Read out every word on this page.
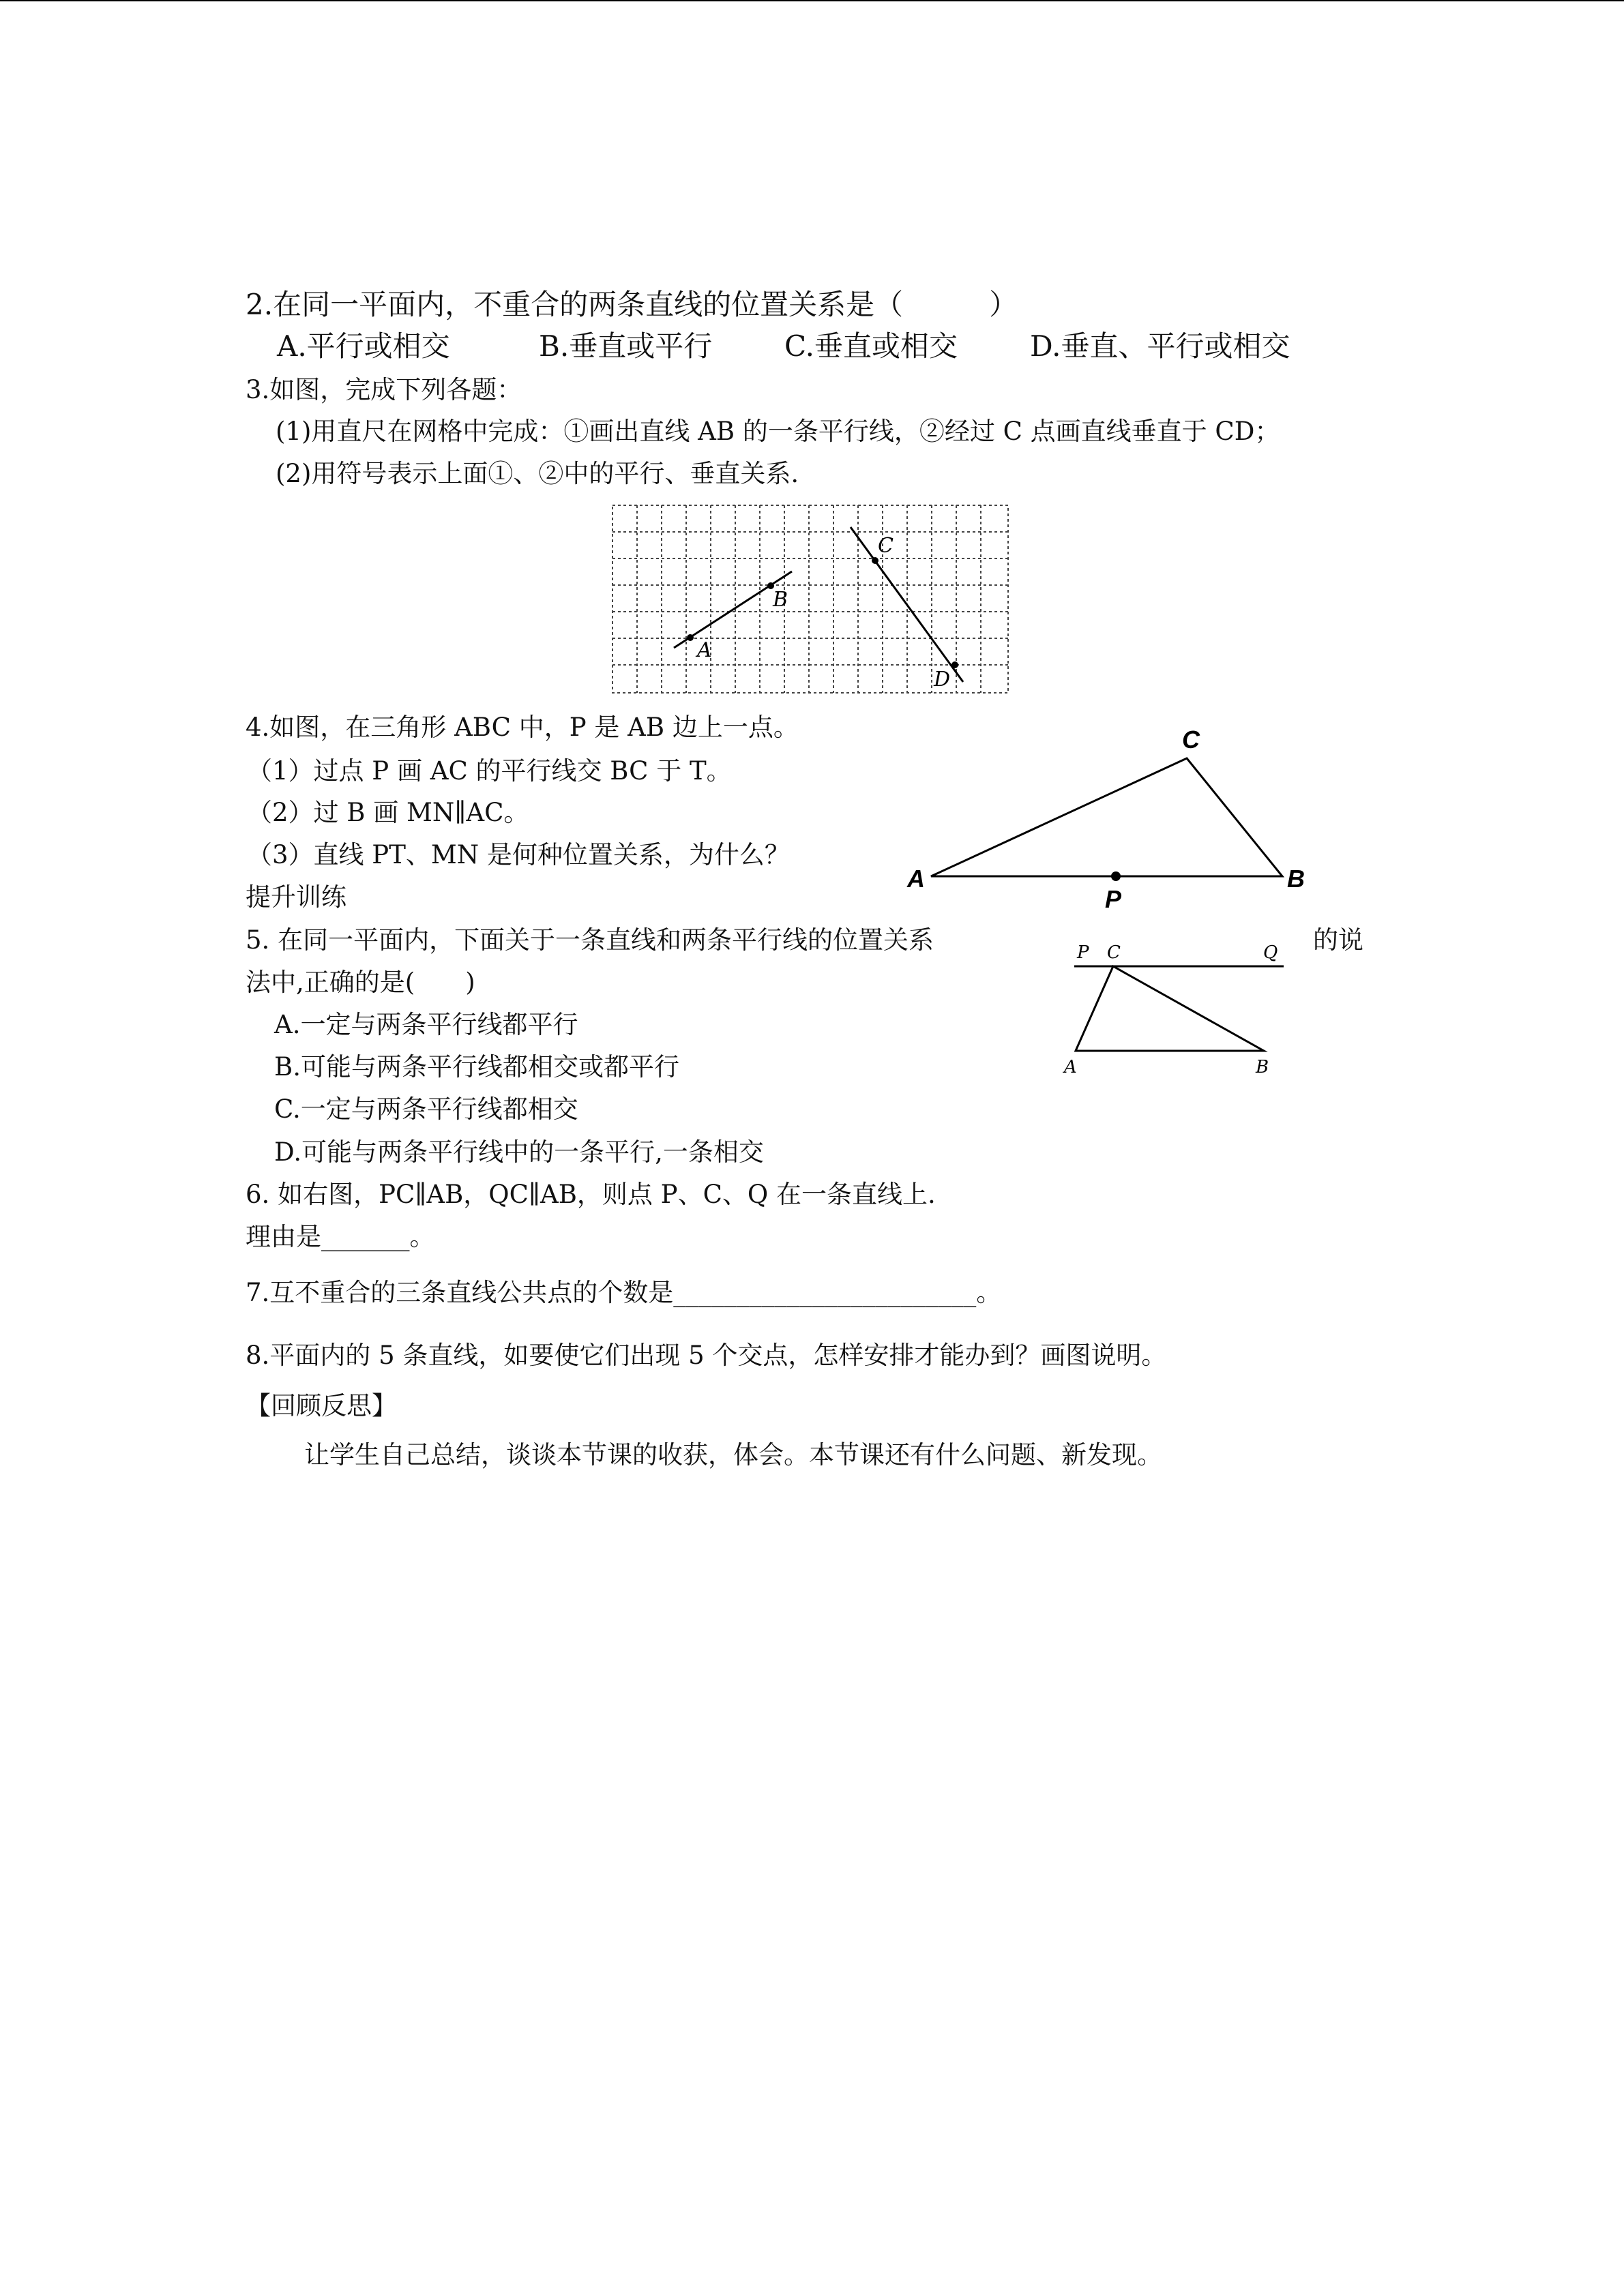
2.在同一平面内，不重合的两条直线的位置关系是（　　　）
A.平行或相交	B.垂直或平行	C.垂直或相交	D.垂直、平行或相交
3.如图，完成下列各题：
(1)用直尺在网格中完成：①画出直线 AB 的一条平行线，②经过 C 点画直线垂直于 CD；
(2)用符号表示上面①、②中的平行、垂直关系.
A
B
C
D
4.如图，在三角形 ABC 中，P 是 AB 边上一点。
（1）过点 P 画 AC 的平行线交 BC 于 T。
（2）过 B 画 MN∥AC。
（3）直线 PT、MN 是何种位置关系，为什么？
提升训练
A	B
C
P
5. 在同一平面内，下面关于一条直线和两条平行线的位置关系	的说
法中,正确的是(　　)
A.一定与两条平行线都平行
B.可能与两条平行线都相交或都平行
C.一定与两条平行线都相交
D.可能与两条平行线中的一条平行,一条相交
P C	Q
A	B
6. 如右图，PC∥AB，QC∥AB，则点 P、C、Q 在一条直线上.
理由是_______。
7.互不重合的三条直线公共点的个数是________________________。
8.平面内的 5 条直线，如要使它们出现 5 个交点，怎样安排才能办到？画图说明。
【回顾反思】
让学生自己总结，谈谈本节课的收获，体会。本节课还有什么问题、新发现。
